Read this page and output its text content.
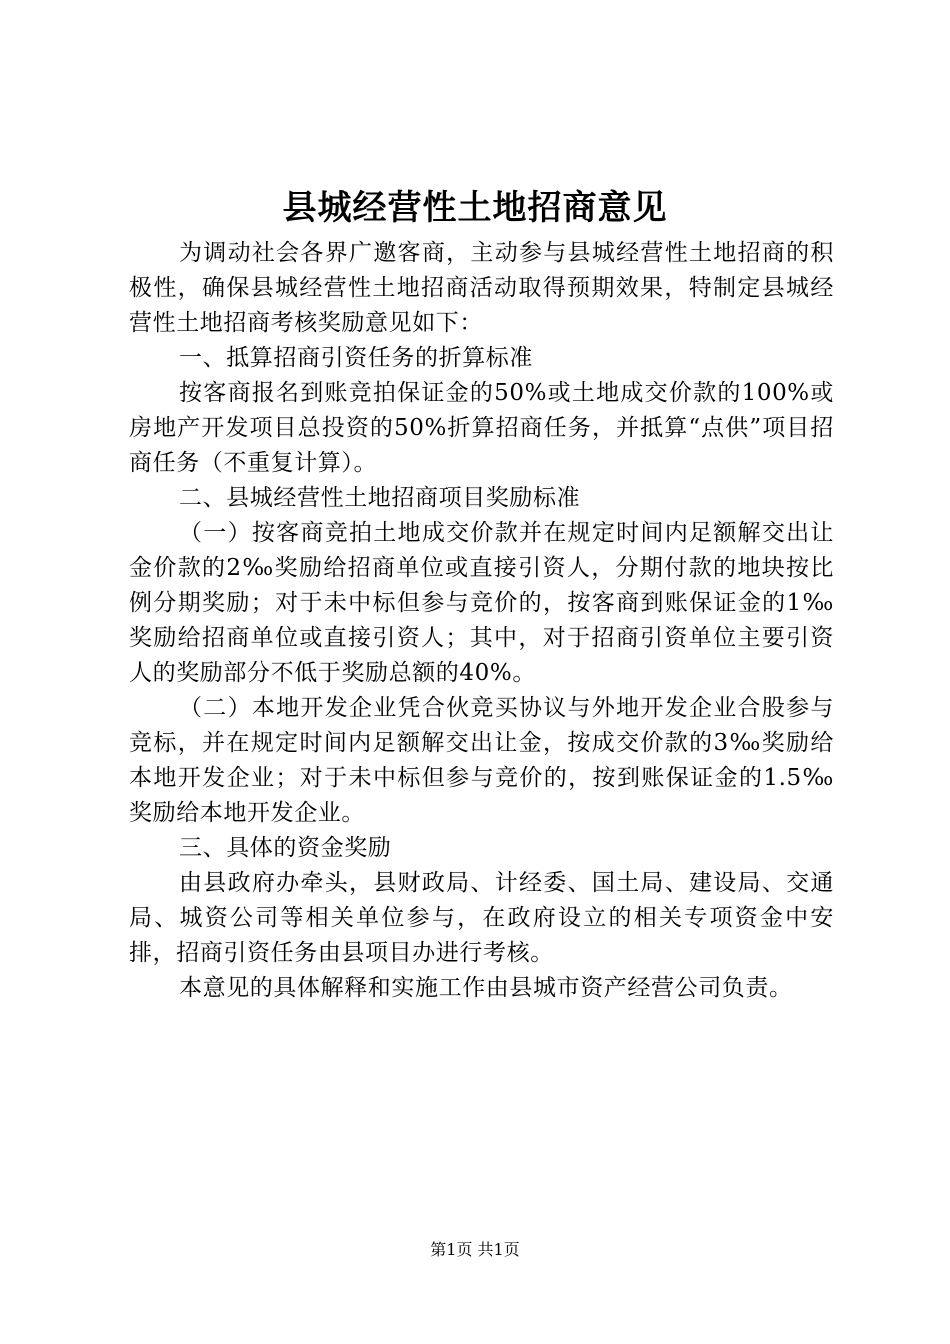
县城经营性土地招商意见

为调动社会各界广邀客商，主动参与县城经营性土地招商的积极性，确保县城经营性土地招商活动取得预期效果，特制定县城经营性土地招商考核奖励意见如下：

一、抵算招商引资任务的折算标准

按客商报名到账竞拍保证金的50%或土地成交价款的100%或房地产开发项目总投资的50%折算招商任务，并抵算“点供”项目招商任务（不重复计算）。

二、县城经营性土地招商项目奖励标准

（一）按客商竞拍土地成交价款并在规定时间内足额解交出让金价款的2‰奖励给招商单位或直接引资人，分期付款的地块按比例分期奖励；对于未中标但参与竞价的，按客商到账保证金的1‰奖励给招商单位或直接引资人；其中，对于招商引资单位主要引资人的奖励部分不低于奖励总额的40%。

（二）本地开发企业凭合伙竞买协议与外地开发企业合股参与竞标，并在规定时间内足额解交出让金，按成交价款的3‰奖励给本地开发企业；对于未中标但参与竞价的，按到账保证金的1.5‰奖励给本地开发企业。

三、具体的资金奖励

由县政府办牵头，县财政局、计经委、国土局、建设局、交通局、城资公司等相关单位参与，在政府设立的相关专项资金中安排，招商引资任务由县项目办进行考核。

本意见的具体解释和实施工作由县城市资产经营公司负责。

第1页 共1页
